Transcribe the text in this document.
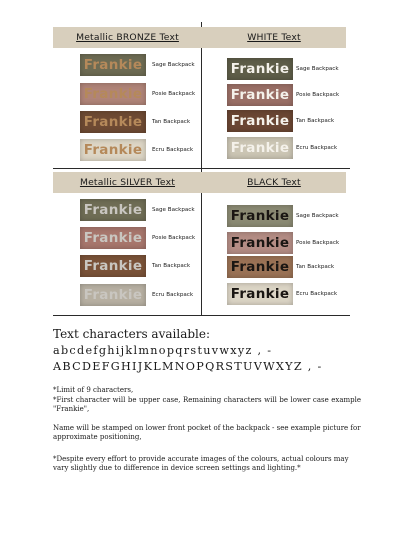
Metallic BRONZE Text
Frankie	Sage Backpack
Frankie	Posie Backpack
Frankie	Tan Backpack
Frankie	Ecru Backpack
WHITE Text
Frankie	Sage Backpack
Frankie	Posie Backpack
Frankie	Tan Backpack
Frankie	Ecru Backpack
Metallic SILVER Text
Frankie	Sage Backpack
Frankie	Posie Backpack
Frankie	Tan Backpack
Frankie	Ecru Backpack
BLACK Text
Frankie	Sage Backpack
Frankie	Posie Backpack
Frankie	Tan Backpack
Frankie	Ecru Backpack
Text characters available:
abcdefghijklmnopqrstuvwxyz , -
ABCDEFGHIJKLMNOPQRSTUVWXYZ , -
*Limit of 9 characters,
*First character will be upper case, Remaining characters will be lower case example "Frankie",
Name will be stamped on lower front pocket of the backpack - see example picture for approximate positioning,
*Despite every effort to provide accurate images of the colours, actual colours may vary slightly due to difference in device screen settings and lighting.*
